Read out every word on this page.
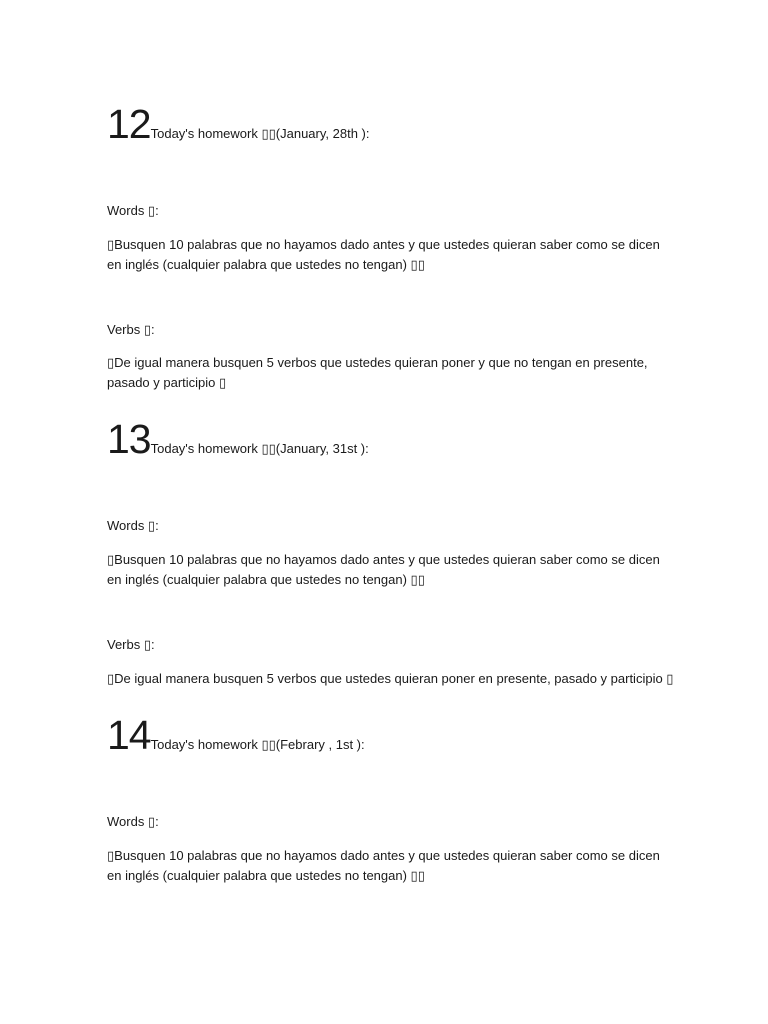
12Today's homework ▯▯(January, 28th ):
Words ▯:
▯Busquen 10 palabras que no hayamos dado antes y que ustedes quieran saber como se dicen en inglés (cualquier palabra que ustedes no tengan) ▯▯
Verbs ▯:
▯De igual manera busquen 5 verbos que ustedes quieran poner y que no tengan en presente, pasado y participio ▯
13Today's homework ▯▯(January, 31st ):
Words ▯:
▯Busquen 10 palabras que no hayamos dado antes y que ustedes quieran saber como se dicen en inglés (cualquier palabra que ustedes no tengan) ▯▯
Verbs ▯:
▯De igual manera busquen 5 verbos que ustedes quieran poner en presente, pasado y participio ▯
14Today's homework ▯▯(Febrary , 1st ):
Words ▯:
▯Busquen 10 palabras que no hayamos dado antes y que ustedes quieran saber como se dicen en inglés (cualquier palabra que ustedes no tengan) ▯▯
